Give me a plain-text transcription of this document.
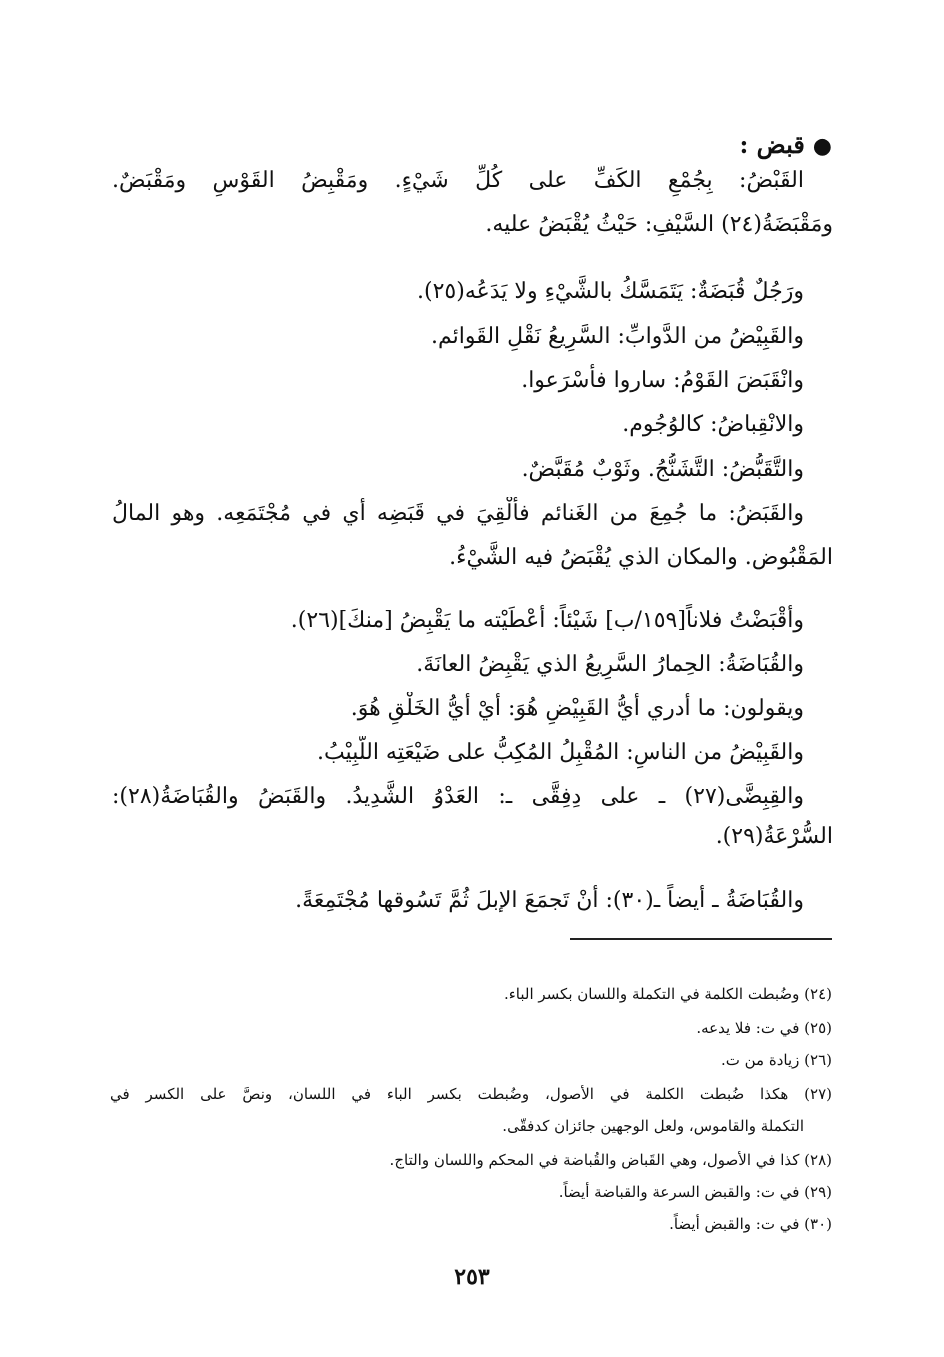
●قبض :
القَبْضُ: بِجُمْعِ الكَفِّ على كُلِّ شَيْءٍ. ومَقْبِضُ القَوْسِ ومَقْبَضٌ.
ومَقْبَضَةُ(٢٤) السَّيْفِ: حَيْثُ يُقْبَضُ عليه.
ورَجُلٌ قُبَضَةٌ: يَتَمَسَّكُ بالشَّيْءِ ولا يَدَعُه(٢٥).
والقَبِيْضُ من الدَّوابِّ: السَّرِيعُ نَقْلِ القَوائم.
وانْقَبَضَ القَوْمُ: ساروا فأسْرَعوا.
والانْقِباضُ: كالوُجُوم.
والتَّقَبُّضُ: التَّشَنُّجُ. وثَوْبٌ مُقَبَّضٌ.
والقَبَضُ: ما جُمِعَ من الغَنائم فأُلْقِيَ في قَبَضِه أي في مُجْتَمَعِه. وهو المالُ
المَقْبُوض. والمكان الذي يُقْبَضُ فيه الشَّيْءُ.
وأقْبَضْتُ فلاناً[١٥٩/ب] شَيْئاً: أعْطَيْته ما يَقْبِضُ [منكَ](٢٦).
والقُبَاضَةُ: الحِمارُ السَّرِيعُ الذي يَقْبِضُ العانَةَ.
ويقولون: ما أدري أيُّ القَبِيْضِ هُوَ: أيْ أيُّ الخَلْقِ هُوَ.
والقَبِيْضُ من الناسِ: المُقْبِلُ المُكِبُّ على ضَيْعَتِه اللَّبِيْبُ.
والقِبِضَّى(٢٧) ـ على دِفِقَّى ـ: العَدْوُ الشَّدِيدُ. والقَبَضُ والقُبَاضَةُ(٢٨):
السُّرْعَةُ(٢٩).
والقُبَاضَةُ ـ أيضاً ـ(٣٠): أنْ تَجمَعَ الإبلَ ثُمَّ تَسُوقها مُجْتَمِعَةً.
(٢٤) وضُبطت الكلمة في التكملة واللسان بكسر الباء.
(٢٥) في ت: فلا يدعه.
(٢٦) زيادة من ت.
(٢٧) هكذا ضُبطت الكلمة في الأصول، وضُبطت بكسر الباء في اللسان، ونصَّ على الكسر في
التكملة والقاموس، ولعل الوجهين جائزان كدفقّى.
(٢٨) كذا في الأصول، وهي القَباض والقُباضة في المحكم واللسان والتاج.
(٢٩) في ت: والقبض السرعة والقباضة أيضاً.
(٣٠) في ت: والقبض أيضاً.
٢٥٣
